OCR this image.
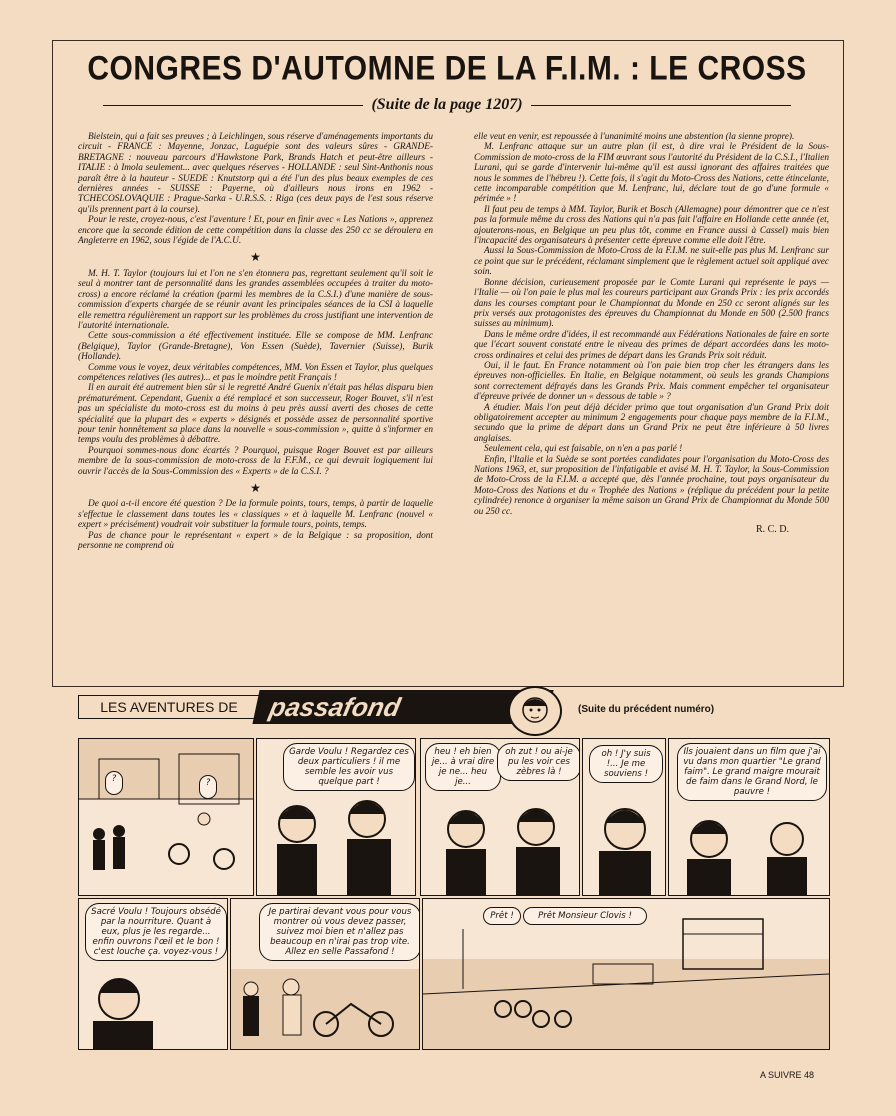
CONGRES D'AUTOMNE DE LA F.I.M. : LE CROSS
(Suite de la page 1207)

Bielstein, qui a fait ses preuves ; à Leichlingen, sous réserve d'aménagements importants du circuit - FRANCE : Mayenne, Jonzac, Laguépie sont des valeurs sûres - GRANDE-BRETAGNE : nouveau parcours d'Hawkstone Park, Brands Hatch et peut-être ailleurs - ITALIE : à Imola seulement... avec quelques réserves - HOLLANDE : seul Sint-Anthonis nous paraît être à la hauteur - SUEDE : Knutstorp qui a été l'un des plus beaux exemples de ces dernières années - SUISSE : Payerne, où d'ailleurs nous irons en 1962 - TCHECOSLOVAQUIE : Prague-Sarka - U.R.S.S. : Riga (ces deux pays de l'est sous réserve qu'ils prennent part à la course).

Pour le reste, croyez-nous, c'est l'aventure ! Et, pour en finir avec « Les Nations », apprenez encore que la seconde édition de cette compétition dans la classe des 250 cc se déroulera en Angleterre en 1962, sous l'égide de l'A.C.U.

★

M. H. T. Taylor (toujours lui et l'on ne s'en étonnera pas, regrettant seulement qu'il soit le seul à montrer tant de personnalité dans les grandes assemblées occupées à traiter du moto-cross) a encore réclamé la création (parmi les membres de la C.S.I.) d'une manière de sous-commission d'experts chargée de se réunir avant les principales séances de la CSI à laquelle elle remettra régulièrement un rapport sur les problèmes du cross justifiant une intervention de l'autorité internationale.

Cette sous-commission a été effectivement instituée. Elle se compose de MM. Lenfranc (Belgique), Taylor (Grande-Bretagne), Von Essen (Suède), Tavernier (Suisse), Burik (Hollande).

Comme vous le voyez, deux véritables compétences, MM. Von Essen et Taylor, plus quelques compétences relatives (les autres)... et pas le moindre petit Français !

Il en aurait été autrement bien sûr si le regretté André Guenix n'était pas hélas disparu bien prématurément. Cependant, Guenix a été remplacé et son successeur, Roger Bouvet, s'il n'est pas un spécialiste du moto-cross est du moins à peu près aussi averti des choses de cette spécialité que la plupart des « experts » désignés et possède assez de personnalité sportive pour tenir honnêtement sa place dans la nouvelle « sous-commission », quitte à s'informer en temps voulu des problèmes à débattre.

Pourquoi sommes-nous donc écartés ? Pourquoi, puisque Roger Bouvet est par ailleurs membre de la sous-commission de moto-cross de la F.F.M., ce qui devrait logiquement lui ouvrir l'accès de la Sous-Commission des « Experts » de la C.S.I. ?

★

De quoi a-t-il encore été question ? De la formule points, tours, temps, à partir de laquelle s'effectue le classement dans toutes les « classiques » et à laquelle M. Lenfranc (nouvel « expert » précisément) voudrait voir substituer la formule tours, points, temps.

Pas de chance pour le représentant « expert » de la Belgique : sa proposition, dont personne ne comprend où

elle veut en venir, est repoussée à l'unanimité moins une abstention (la sienne propre).

M. Lenfranc attaque sur un autre plan (il est, à dire vrai le Président de la Sous-Commission de moto-cross de la FIM œuvrant sous l'autorité du Président de la C.S.I., l'Italien Lurani, qui se garde d'intervenir lui-même qu'il est aussi ignorant des affaires traitées que nous le sommes de l'hébreu !). Cette fois, il s'agit du Moto-Cross des Nations, cette étincelante, cette incomparable compétition que M. Lenfranc, lui, déclare tout de go d'une formule « périmée » !

Il faut peu de temps à MM. Taylor, Burik et Bosch (Allemagne) pour démontrer que ce n'est pas la formule même du cross des Nations qui n'a pas fait l'affaire en Hollande cette année (et, ajouterons-nous, en Belgique un peu plus tôt, comme en France aussi à Cassel) mais bien l'incapacité des organisateurs à présenter cette épreuve comme elle doit l'être.

Aussi la Sous-Commission de Moto-Cross de la F.I.M. ne suit-elle pas plus M. Lenfranc sur ce point que sur le précédent, réclamant simplement que le règlement actuel soit appliqué avec soin.

Bonne décision, curieusement proposée par le Comte Lurani qui représente le pays — l'Italie — où l'on paie le plus mal les coureurs participant aux Grands Prix : les prix accordés dans les courses comptant pour le Championnat du Monde en 250 cc seront alignés sur les prix versés aux protagonistes des épreuves du Championnat du Monde en 500 (2.500 francs suisses au minimum).

Dans le même ordre d'idées, il est recommandé aux Fédérations Nationales de faire en sorte que l'écart souvent constaté entre le niveau des primes de départ accordées dans les moto-cross ordinaires et celui des primes de départ dans les Grands Prix soit réduit.

Oui, il le faut. En France notamment où l'on paie bien trop cher les étrangers dans les épreuves non-officielles. En Italie, en Belgique notamment, où seuls les grands Champions sont correctement défrayés dans les Grands Prix. Mais comment empêcher tel organisateur d'épreuve privée de donner un « dessous de table » ?

A étudier. Mais l'on peut déjà décider primo que tout organisation d'un Grand Prix doit obligatoirement accepter au minimum 2 engagements pour chaque pays membre de la F.I.M., secundo que la prime de départ dans un Grand Prix ne peut être inférieure à 50 livres anglaises.

Seulement cela, qui est faisable, on n'en a pas parlé !

Enfin, l'Italie et la Suède se sont portées candidates pour l'organisation du Moto-Cross des Nations 1963, et, sur proposition de l'infatigable et avisé M. H. T. Taylor, la Sous-Commission de Moto-Cross de la F.I.M. a accepté que, dès l'année prochaine, tout pays organisateur du Moto-Cross des Nations et du « Trophée des Nations » (réplique du précédent pour la petite cylindrée) renonce à organiser la même saison un Grand Prix de Championnat du Monde 500 ou 250 cc.

R. C. D.
LES AVENTURES DE	passafond	(Suite du précédent numéro)
?	?
Garde Voulu ! Regardez ces deux particuliers ! il me semble les avoir vus quelque part !
heu ! eh bien je... à vrai dire je ne... heu je...
oh zut ! ou ai-je pu les voir ces zèbres là !
oh ! J'y suis !... Je me souviens !
Ils jouaient dans un film que j'ai vu dans mon quartier "Le grand faim". Le grand maigre mourait de faim dans le Grand Nord, le pauvre !
Sacré Voulu ! Toujours obsédé par la nourriture. Quant à eux, plus je les regarde... enfin ouvrons l'œil et le bon ! c'est louche ça. voyez-vous !
Je partirai devant vous pour vous montrer où vous devez passer, suivez moi bien et n'allez pas beaucoup en n'irai pas trop vite. Allez en selle Passafond !
Prêt !	Prêt Monsieur Clovis !
A SUIVRE 48
